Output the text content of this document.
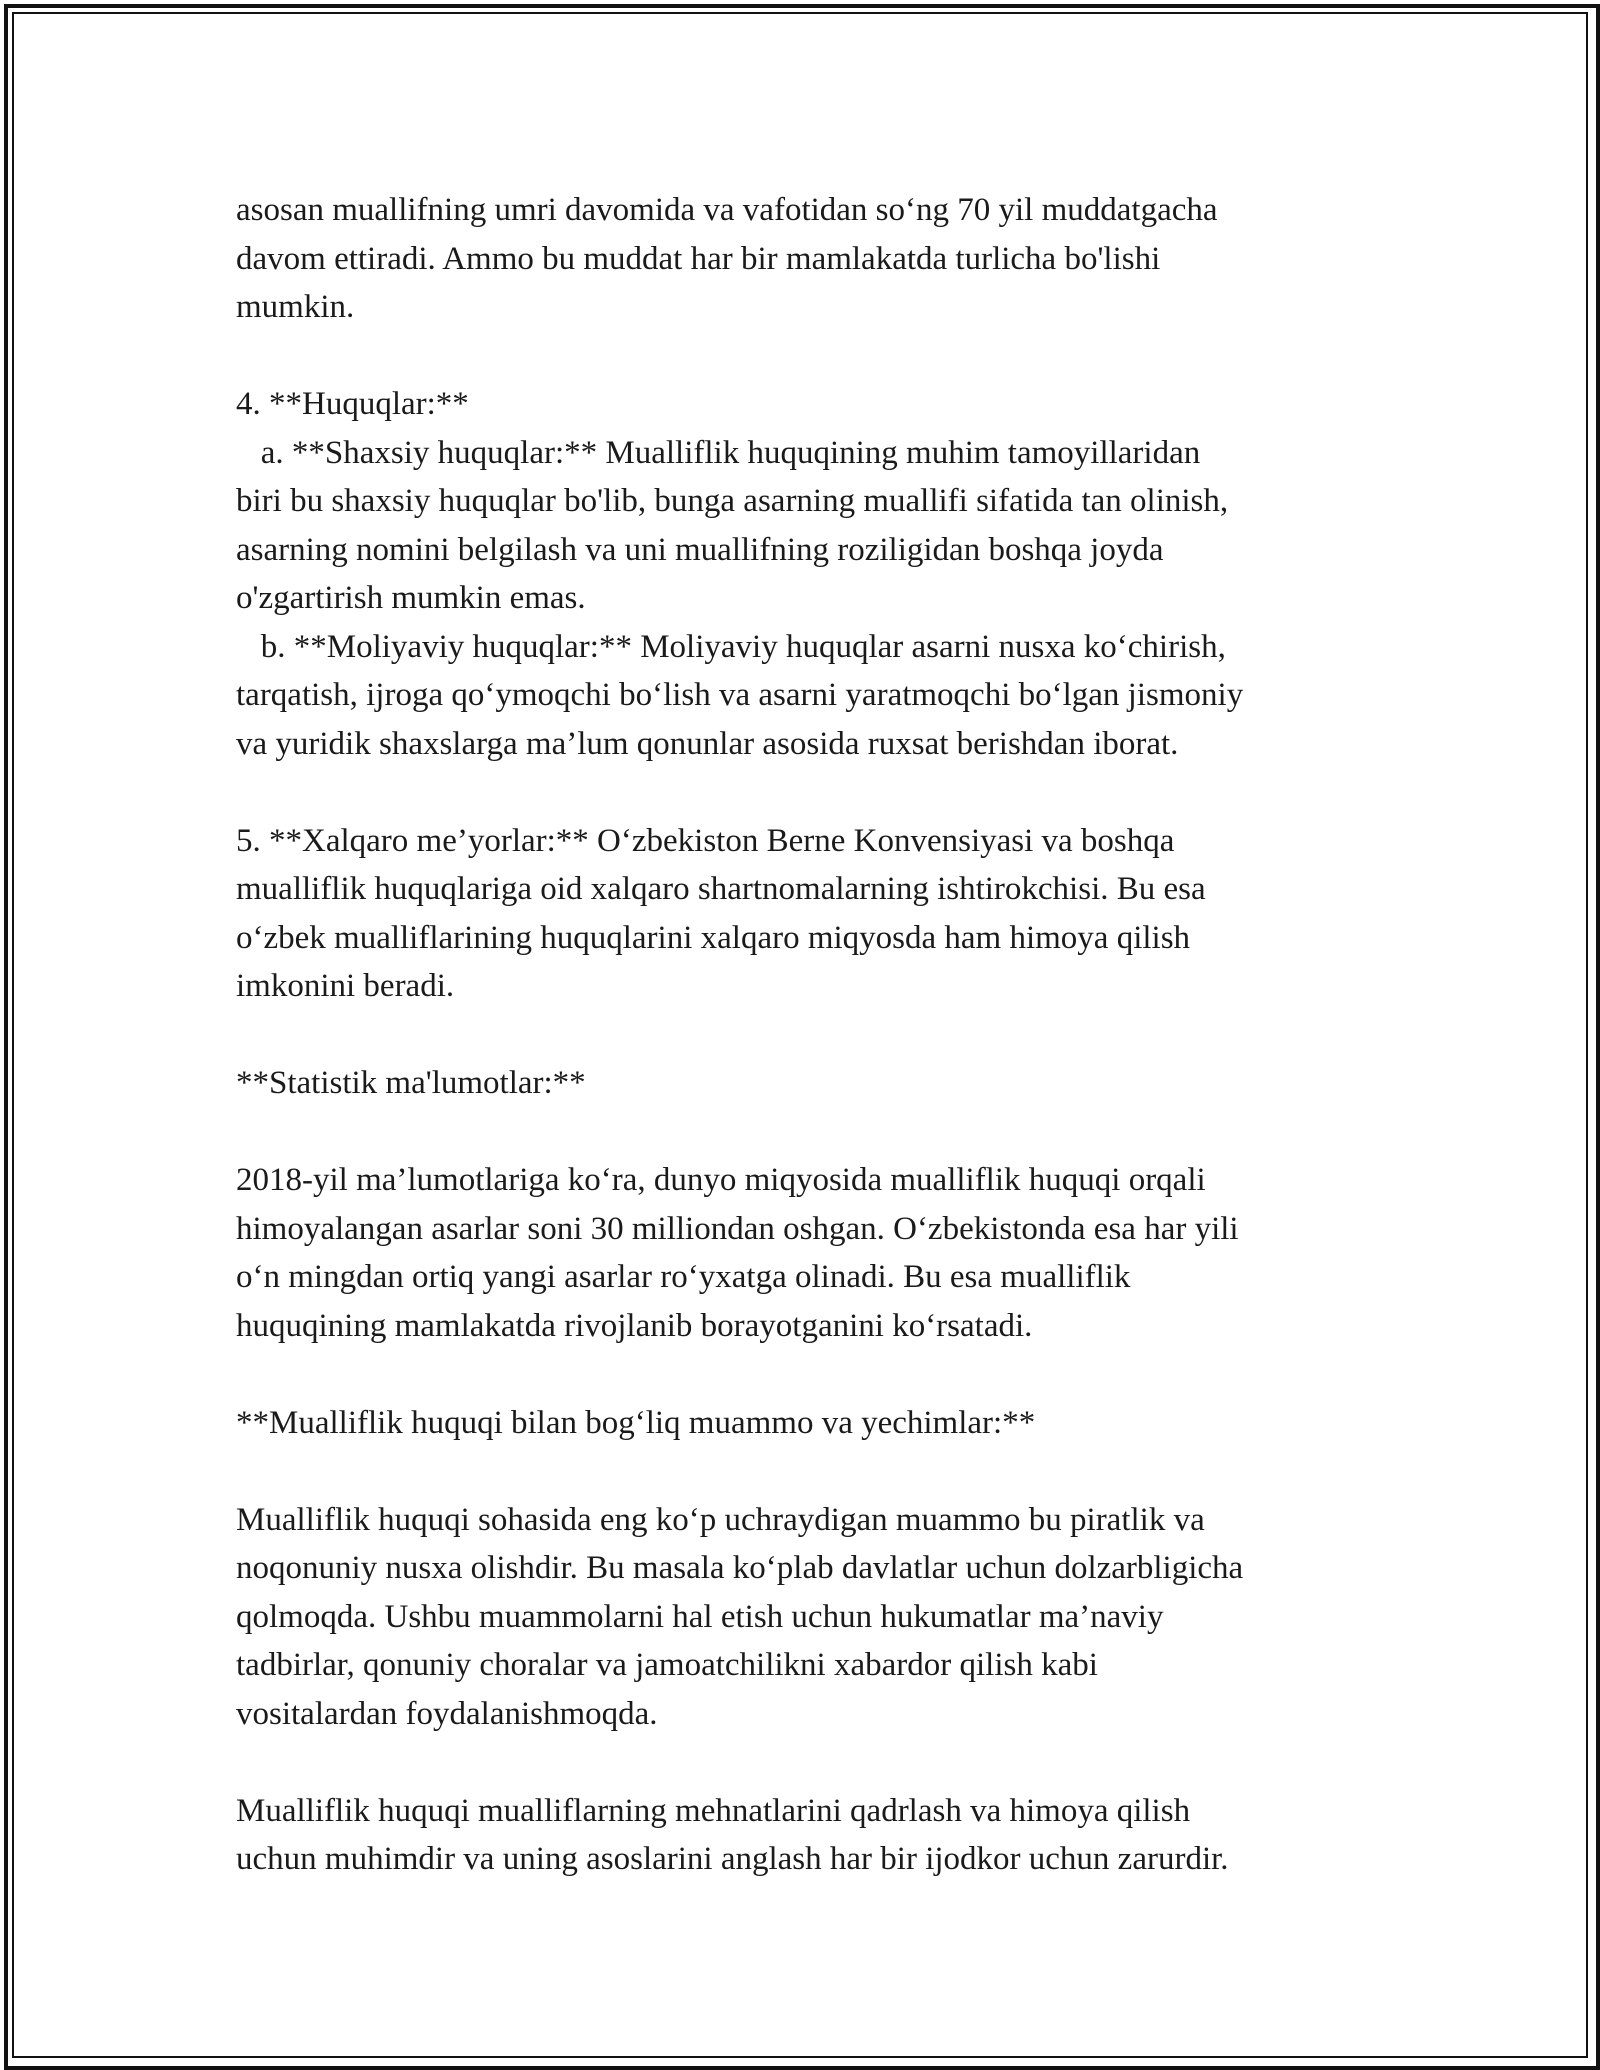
asosan muallifning umri davomida va vafotidan so‘ng 70 yil muddatgacha
davom ettiradi. Ammo bu muddat har bir mamlakatda turlicha bo'lishi
mumkin.
4. **Huquqlar:**
a. **Shaxsiy huquqlar:** Mualliflik huquqining muhim tamoyillaridan
biri bu shaxsiy huquqlar bo'lib, bunga asarning muallifi sifatida tan olinish,
asarning nomini belgilash va uni muallifning roziligidan boshqa joyda
o'zgartirish mumkin emas.
b. **Moliyaviy huquqlar:** Moliyaviy huquqlar asarni nusxa ko‘chirish,
tarqatish, ijroga qo‘ymoqchi bo‘lish va asarni yaratmoqchi bo‘lgan jismoniy
va yuridik shaxslarga ma’lum qonunlar asosida ruxsat berishdan iborat.
5. **Xalqaro me’yorlar:** O‘zbekiston Berne Konvensiyasi va boshqa
mualliflik huquqlariga oid xalqaro shartnomalarning ishtirokchisi. Bu esa
o‘zbek mualliflarining huquqlarini xalqaro miqyosda ham himoya qilish
imkonini beradi.
**Statistik ma'lumotlar:**
2018-yil ma’lumotlariga ko‘ra, dunyo miqyosida mualliflik huquqi orqali
himoyalangan asarlar soni 30 milliondan oshgan. O‘zbekistonda esa har yili
o‘n mingdan ortiq yangi asarlar ro‘yxatga olinadi. Bu esa mualliflik
huquqining mamlakatda rivojlanib borayotganini ko‘rsatadi.
**Mualliflik huquqi bilan bog‘liq muammo va yechimlar:**
Mualliflik huquqi sohasida eng ko‘p uchraydigan muammo bu piratlik va
noqonuniy nusxa olishdir. Bu masala ko‘plab davlatlar uchun dolzarbligicha
qolmoqda. Ushbu muammolarni hal etish uchun hukumatlar ma’naviy
tadbirlar, qonuniy choralar va jamoatchilikni xabardor qilish kabi
vositalardan foydalanishmoqda.
Mualliflik huquqi mualliflarning mehnatlarini qadrlash va himoya qilish
uchun muhimdir va uning asoslarini anglash har bir ijodkor uchun zarurdir.
